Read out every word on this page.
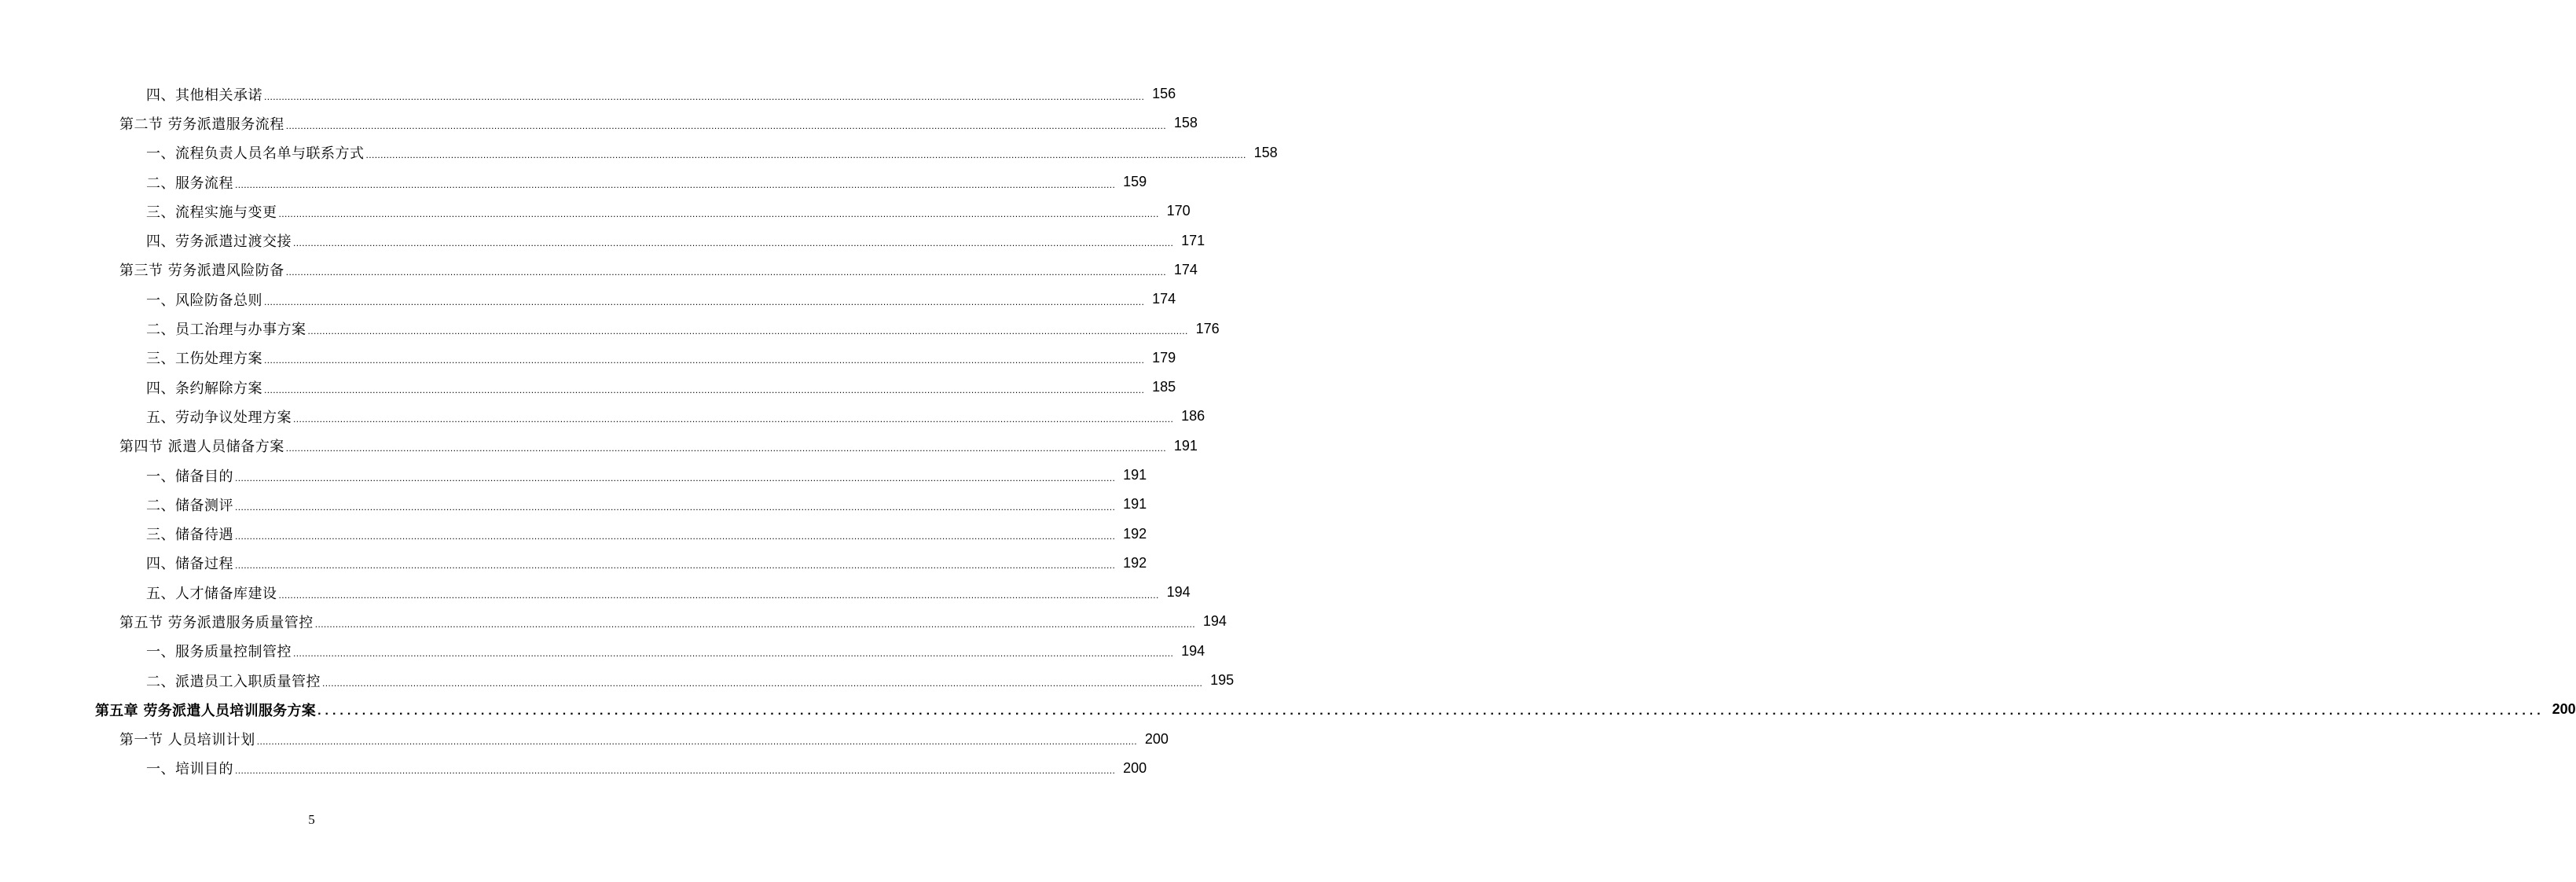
四、其他相关承诺 ............................................................................................................................................................................................................................................................................................................ 156
第二节 劳务派遣服务流程 ............................................................................................................................................................................................................................................................................................................ 158
一、流程负责人员名单与联系方式 ............................................................................................................................................................................................................................................................................................................ 158
二、服务流程 ............................................................................................................................................................................................................................................................................................................ 159
三、流程实施与变更 ............................................................................................................................................................................................................................................................................................................ 170
四、劳务派遣过渡交接 ............................................................................................................................................................................................................................................................................................................ 171
第三节 劳务派遣风险防备 ............................................................................................................................................................................................................................................................................................................ 174
一、风险防备总则 ............................................................................................................................................................................................................................................................................................................ 174
二、员工治理与办事方案 ............................................................................................................................................................................................................................................................................................................ 176
三、工伤处理方案 ............................................................................................................................................................................................................................................................................................................ 179
四、条约解除方案 ............................................................................................................................................................................................................................................................................................................ 185
五、劳动争议处理方案 ............................................................................................................................................................................................................................................................................................................ 186
第四节 派遣人员储备方案 ............................................................................................................................................................................................................................................................................................................ 191
一、储备目的 ............................................................................................................................................................................................................................................................................................................ 191
二、储备测评 ............................................................................................................................................................................................................................................................................................................ 191
三、储备待遇 ............................................................................................................................................................................................................................................................................................................ 192
四、储备过程 ............................................................................................................................................................................................................................................................................................................ 192
五、人才储备库建设 ............................................................................................................................................................................................................................................................................................................ 194
第五节 劳务派遣服务质量管控 ............................................................................................................................................................................................................................................................................................................ 194
一、服务质量控制管控 ............................................................................................................................................................................................................................................................................................................ 194
二、派遣员工入职质量管控 ............................................................................................................................................................................................................................................................................................................ 195
第五章 劳务派遣人员培训服务方案 ............................................................................................................................................................................................................................................................................................................ 200
第一节 人员培训计划 ............................................................................................................................................................................................................................................................................................................ 200
一、培训目的 ............................................................................................................................................................................................................................................................................................................ 200
5
